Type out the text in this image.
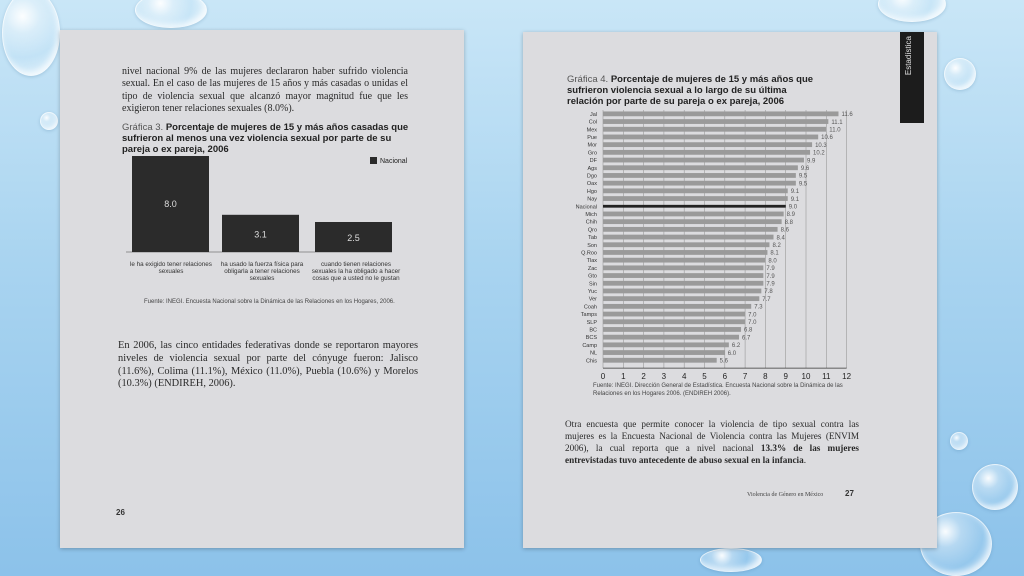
nivel nacional 9% de las mujeres declararon haber sufrido violencia sexual. En el caso de las mujeres de 15 años y más casadas o unidas el tipo de violencia sexual que alcanzó mayor magnitud fue que les exigieron tener relaciones sexuales (8.0%).
Gráfica 3. Porcentaje de mujeres de 15 y más años casadas que sufrieron al menos una vez violencia sexual por parte de su pareja o ex pareja, 2006
8.0
3.1	2.5
Nacional
le ha exigido tener relaciones sexuales
ha usado la fuerza física para obligarla a tener relaciones sexuales
cuando tienen relaciones sexuales la ha obligado a hacer cosas que a usted no le gustan
Fuente: INEGI. Encuesta Nacional sobre la Dinámica de las Relaciones en los Hogares, 2006.
En 2006, las cinco entidades federativas donde se reportaron mayores niveles de violencia sexual por parte del cónyuge fueron: Jalisco (11.6%), Colima (11.1%), México (11.0%), Puebla (10.6%) y Morelos (10.3%) (ENDIREH, 2006).
26
Estadística
Gráfica 4. Porcentaje de mujeres de 15 y más años que sufrieron violencia sexual a lo largo de su última relación por parte de su pareja o ex pareja, 2006
0 1 2 3 4 5 6 7 8 9 10 11 12
Jal	11.6
Col	11.1
Mex	11.0
Pue	10.6
Mor	10.3
Gro	10.2
DF	9.9
Ags	9.6
Dgo	9.5
Oax	9.5
Hgo	9.1
Nay	9.1
Nacional	9.0
Mich	8.9
Chih	8.8
Qro	8.6
Tab	8.4
Son	8.2
Q.Roo	8.1
Tlax	8.0
Zac	7.9
Gto	7.9
Sin	7.9
Yuc	7.8
Ver	7.7
Coah	7.3
Tamps	7.0
SLP	7.0
BC	6.8
BCS	6.7
Camp	6.2
NL	6.0
Chis	5.6
Fuente: INEGI. Dirección General de Estadística. Encuesta Nacional sobre la Dinámica de las Relaciones en los Hogares 2006. (ENDIREH 2006).
Otra encuesta que permite conocer la violencia de tipo sexual contra las mujeres es la Encuesta Nacional de Violencia contra las Mujeres (ENVIM 2006), la cual reporta que a nivel nacional 13.3% de las mujeres entrevistadas tuvo antecedente de abuso sexual en la infancia.
Violencia de Género en México	27
